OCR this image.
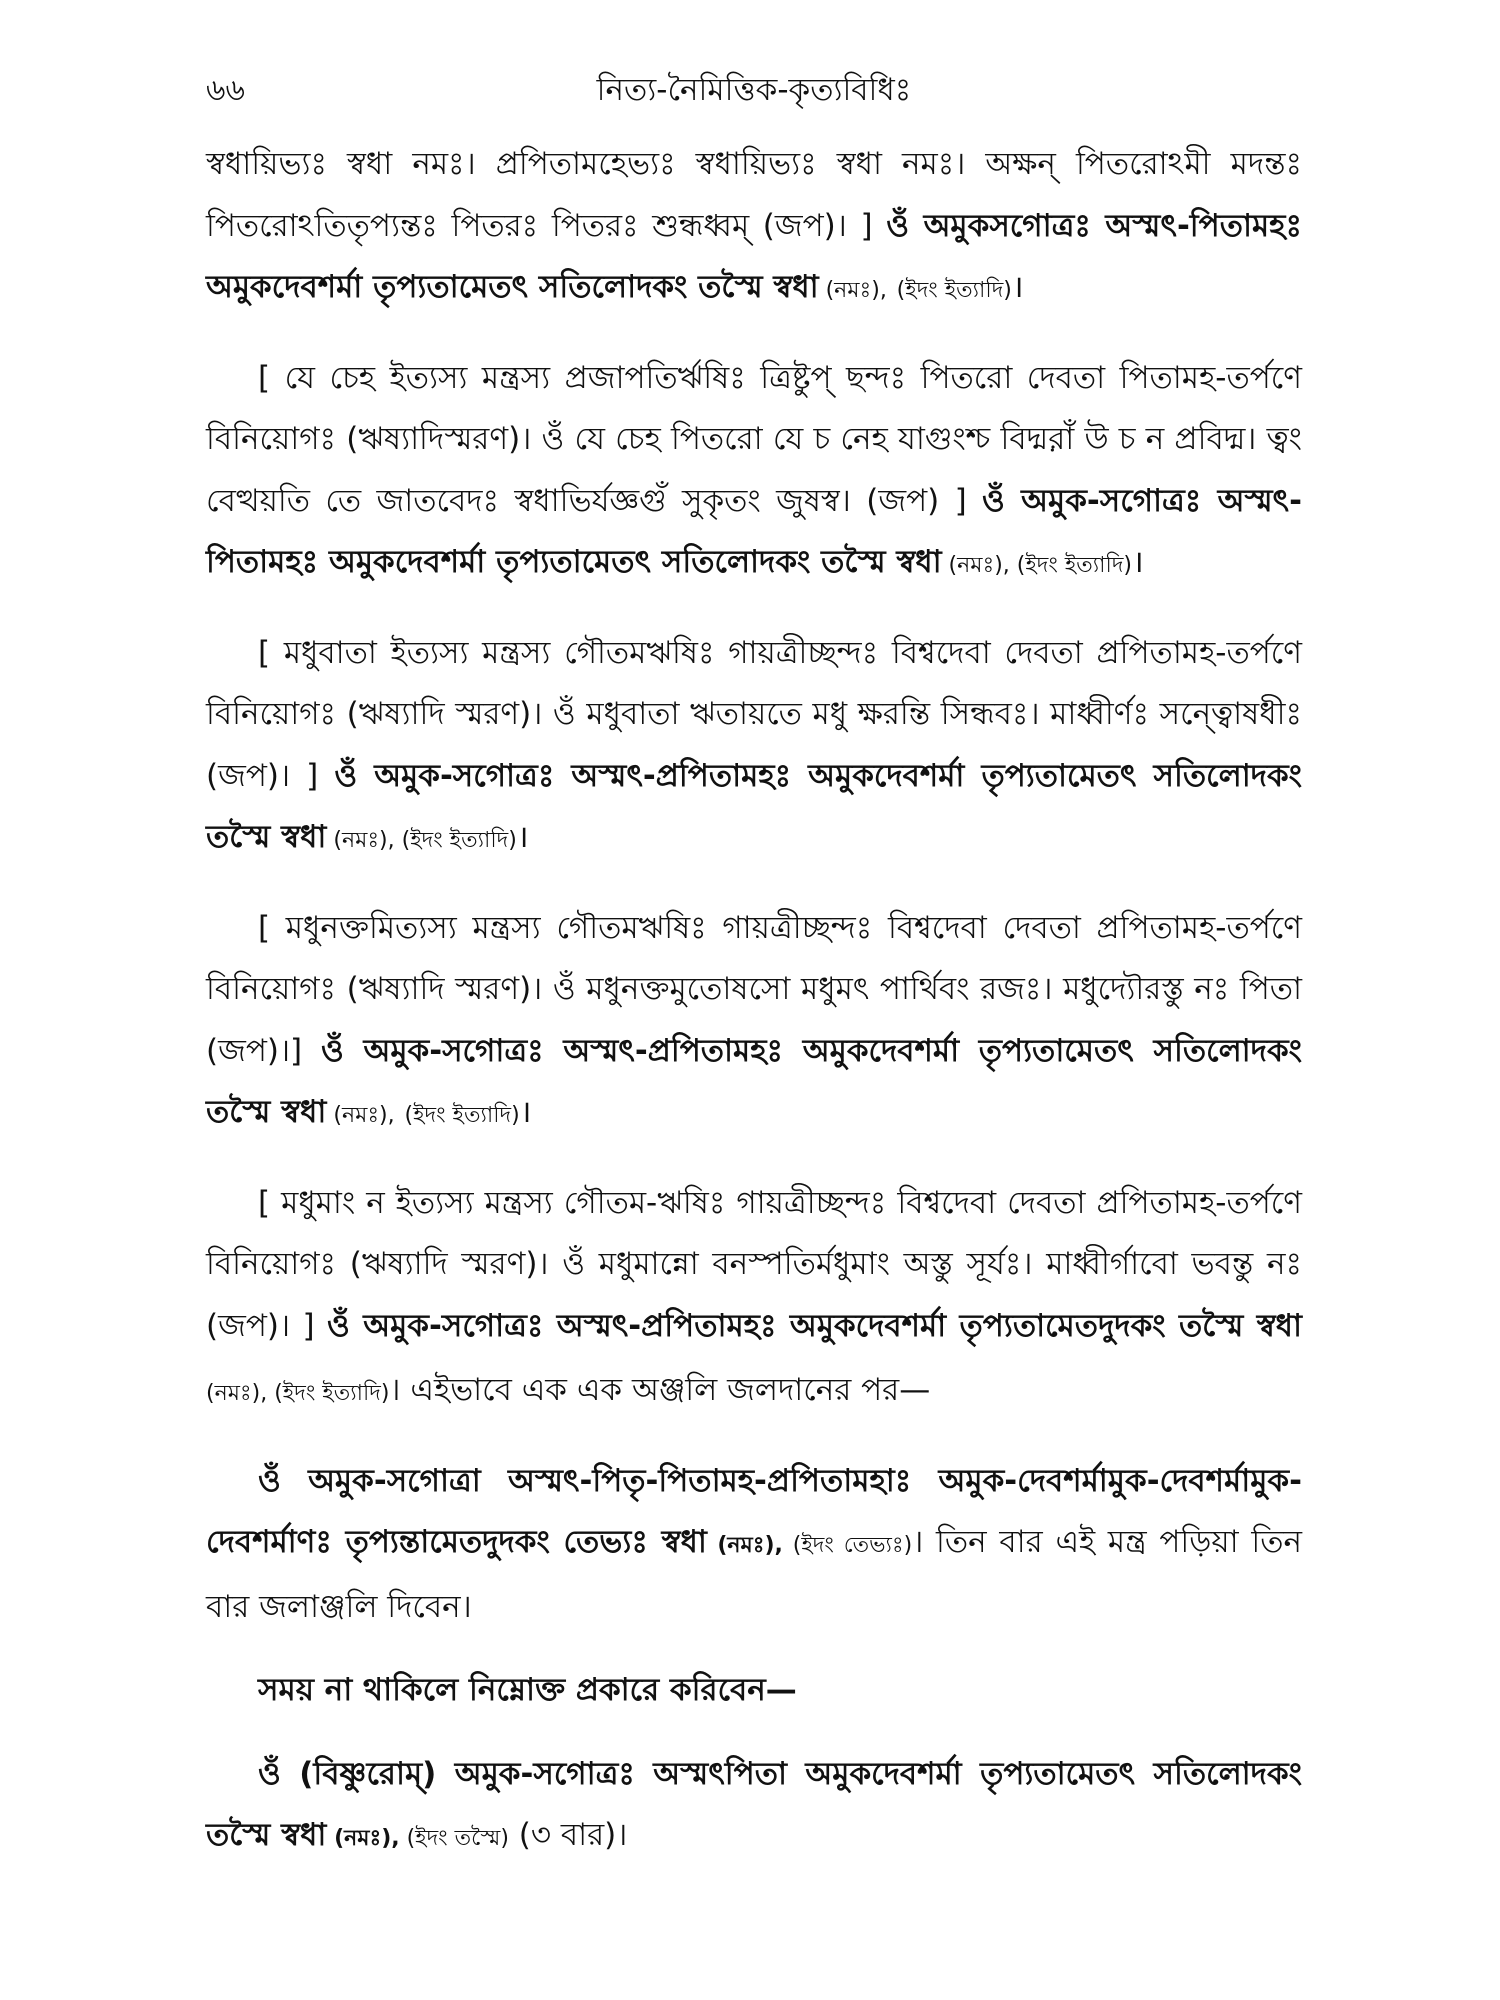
৬৬	নিত্য-নৈমিত্তিক-কৃত্যবিধিঃ

স্বধায়িভ্যঃ স্বধা নমঃ। প্রপিতামহেভ্যঃ স্বধায়িভ্যঃ স্বধা নমঃ। অক্ষন্ পিতরোঽমী মদন্তঃ পিতরোঽতিতৃপ্যন্তঃ পিতরঃ পিতরঃ শুন্ধধ্বম্ (জপ)। ] ওঁ অমুকসগোত্রঃ অস্মৎ-পিতামহঃ অমুকদেবশর্মা তৃপ্যতামেতৎ সতিলোদকং তস্মৈ স্বধা (নমঃ), (ইদং ইত্যাদি)।

[ যে চেহ ইত্যস্য মন্ত্রস্য প্রজাপতির্ঋষিঃ ত্রিষ্টুপ্ ছন্দঃ পিতরো দেবতা পিতামহ-তর্পণে বিনিয়োগঃ (ঋষ্যাদিস্মরণ)। ওঁ যে চেহ পিতরো যে চ নেহ যাগুংশ্চ বিদ্মর়াঁ উ চ ন প্রবিদ্ম। ত্বং বেত্থয়তি তে জাতবেদঃ স্বধাভির্যজ্ঞগুঁ সুকৃতং জুষস্ব। (জপ) ] ওঁ অমুক-সগোত্রঃ অস্মৎ-পিতামহঃ অমুকদেবশর্মা তৃপ্যতামেতৎ সতিলোদকং তস্মৈ স্বধা (নমঃ), (ইদং ইত্যাদি)।

[ মধুবাতা ইত্যস্য মন্ত্রস্য গৌতমঋষিঃ গায়ত্রীচ্ছন্দঃ বিশ্বদেবা দেবতা প্রপিতামহ-তর্পণে বিনিয়োগঃ (ঋষ্যাদি স্মরণ)। ওঁ মধুবাতা ঋতায়তে মধু ক্ষরন্তি সিন্ধবঃ। মাধ্বীর্ণঃ সন্ত্বোষধীঃ (জপ)। ] ওঁ অমুক-সগোত্রঃ অস্মৎ-প্রপিতামহঃ অমুকদেবশর্মা তৃপ্যতামেতৎ সতিলোদকং তস্মৈ স্বধা (নমঃ), (ইদং ইত্যাদি)।

[ মধুনক্তমিত্যস্য মন্ত্রস্য গৌতমঋষিঃ গায়ত্রীচ্ছন্দঃ বিশ্বদেবা দেবতা প্রপিতামহ-তর্পণে বিনিয়োগঃ (ঋষ্যাদি স্মরণ)। ওঁ মধুনক্তমুতোষসো মধুমৎ পার্থিবং রজঃ। মধুদ্যৌরস্তু নঃ পিতা (জপ)।] ওঁ অমুক-সগোত্রঃ অস্মৎ-প্রপিতামহঃ অমুকদেবশর্মা তৃপ্যতামেতৎ সতিলোদকং তস্মৈ স্বধা (নমঃ), (ইদং ইত্যাদি)।

[ মধুমাং ন ইত্যস্য মন্ত্রস্য গৌতম-ঋষিঃ গায়ত্রীচ্ছন্দঃ বিশ্বদেবা দেবতা প্রপিতামহ-তর্পণে বিনিয়োগঃ (ঋষ্যাদি স্মরণ)। ওঁ মধুমান্নো বনস্পতির্মধুমাং অস্তু সূর্যঃ। মাধ্বীর্গাবো ভবন্তু নঃ (জপ)। ] ওঁ অমুক-সগোত্রঃ অস্মৎ-প্রপিতামহঃ অমুকদেবশর্মা তৃপ্যতামেতদুদকং তস্মৈ স্বধা (নমঃ), (ইদং ইত্যাদি)। এইভাবে এক এক অঞ্জলি জলদানের পর—

ওঁ অমুক-সগোত্রা অস্মৎ-পিতৃ-পিতামহ-প্রপিতামহাঃ অমুক-দেবশর্মামুক-দেবশর্মামুক-দেবশর্মাণঃ তৃপ্যন্তামেতদুদকং তেভ্যঃ স্বধা (নমঃ), (ইদং তেভ্যঃ)। তিন বার এই মন্ত্র পড়িয়া তিন বার জলাঞ্জলি দিবেন।

সময় না থাকিলে নিম্নোক্ত প্রকারে করিবেন—

ওঁ (বিষ্ণুরোম্) অমুক-সগোত্রঃ অস্মৎপিতা অমুকদেবশর্মা তৃপ্যতামেতৎ সতিলোদকং তস্মৈ স্বধা (নমঃ), (ইদং তস্মৈ) (৩ বার)।
